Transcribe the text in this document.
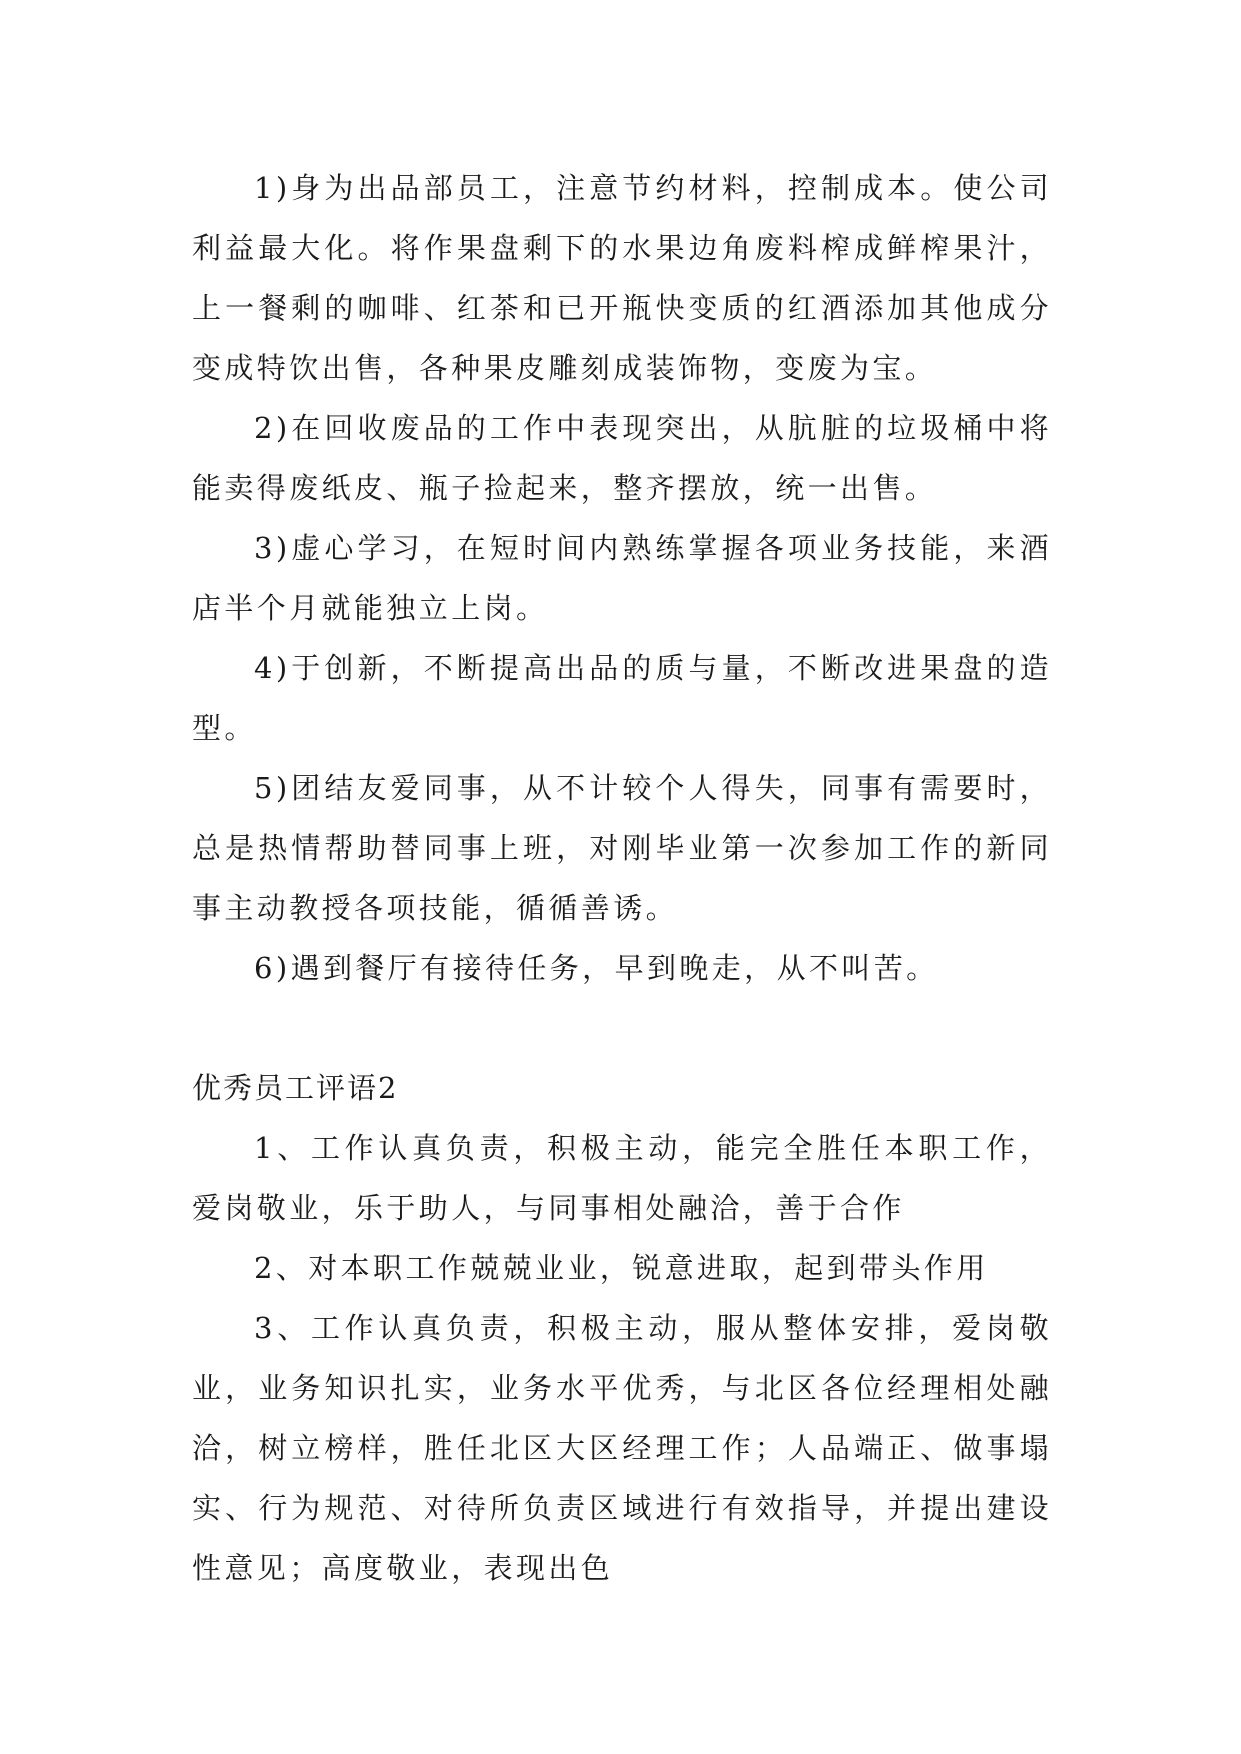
1)身为出品部员工，注意节约材料，控制成本。使公司利益最大化。将作果盘剩下的水果边角废料榨成鲜榨果汁，上一餐剩的咖啡、红茶和已开瓶快变质的红酒添加其他成分变成特饮出售，各种果皮雕刻成装饰物，变废为宝。

2)在回收废品的工作中表现突出，从肮脏的垃圾桶中将能卖得废纸皮、瓶子捡起来，整齐摆放，统一出售。

3)虚心学习，在短时间内熟练掌握各项业务技能，来酒店半个月就能独立上岗。

4)于创新，不断提高出品的质与量，不断改进果盘的造型。

5)团结友爱同事，从不计较个人得失，同事有需要时，总是热情帮助替同事上班，对刚毕业第一次参加工作的新同事主动教授各项技能，循循善诱。

6)遇到餐厅有接待任务，早到晚走，从不叫苦。

优秀员工评语2

1、工作认真负责，积极主动，能完全胜任本职工作，爱岗敬业，乐于助人，与同事相处融洽，善于合作

2、对本职工作兢兢业业，锐意进取，起到带头作用

3、工作认真负责，积极主动，服从整体安排，爱岗敬业，业务知识扎实，业务水平优秀，与北区各位经理相处融洽，树立榜样，胜任北区大区经理工作；人品端正、做事塌实、行为规范、对待所负责区域进行有效指导，并提出建设性意见；高度敬业，表现出色
